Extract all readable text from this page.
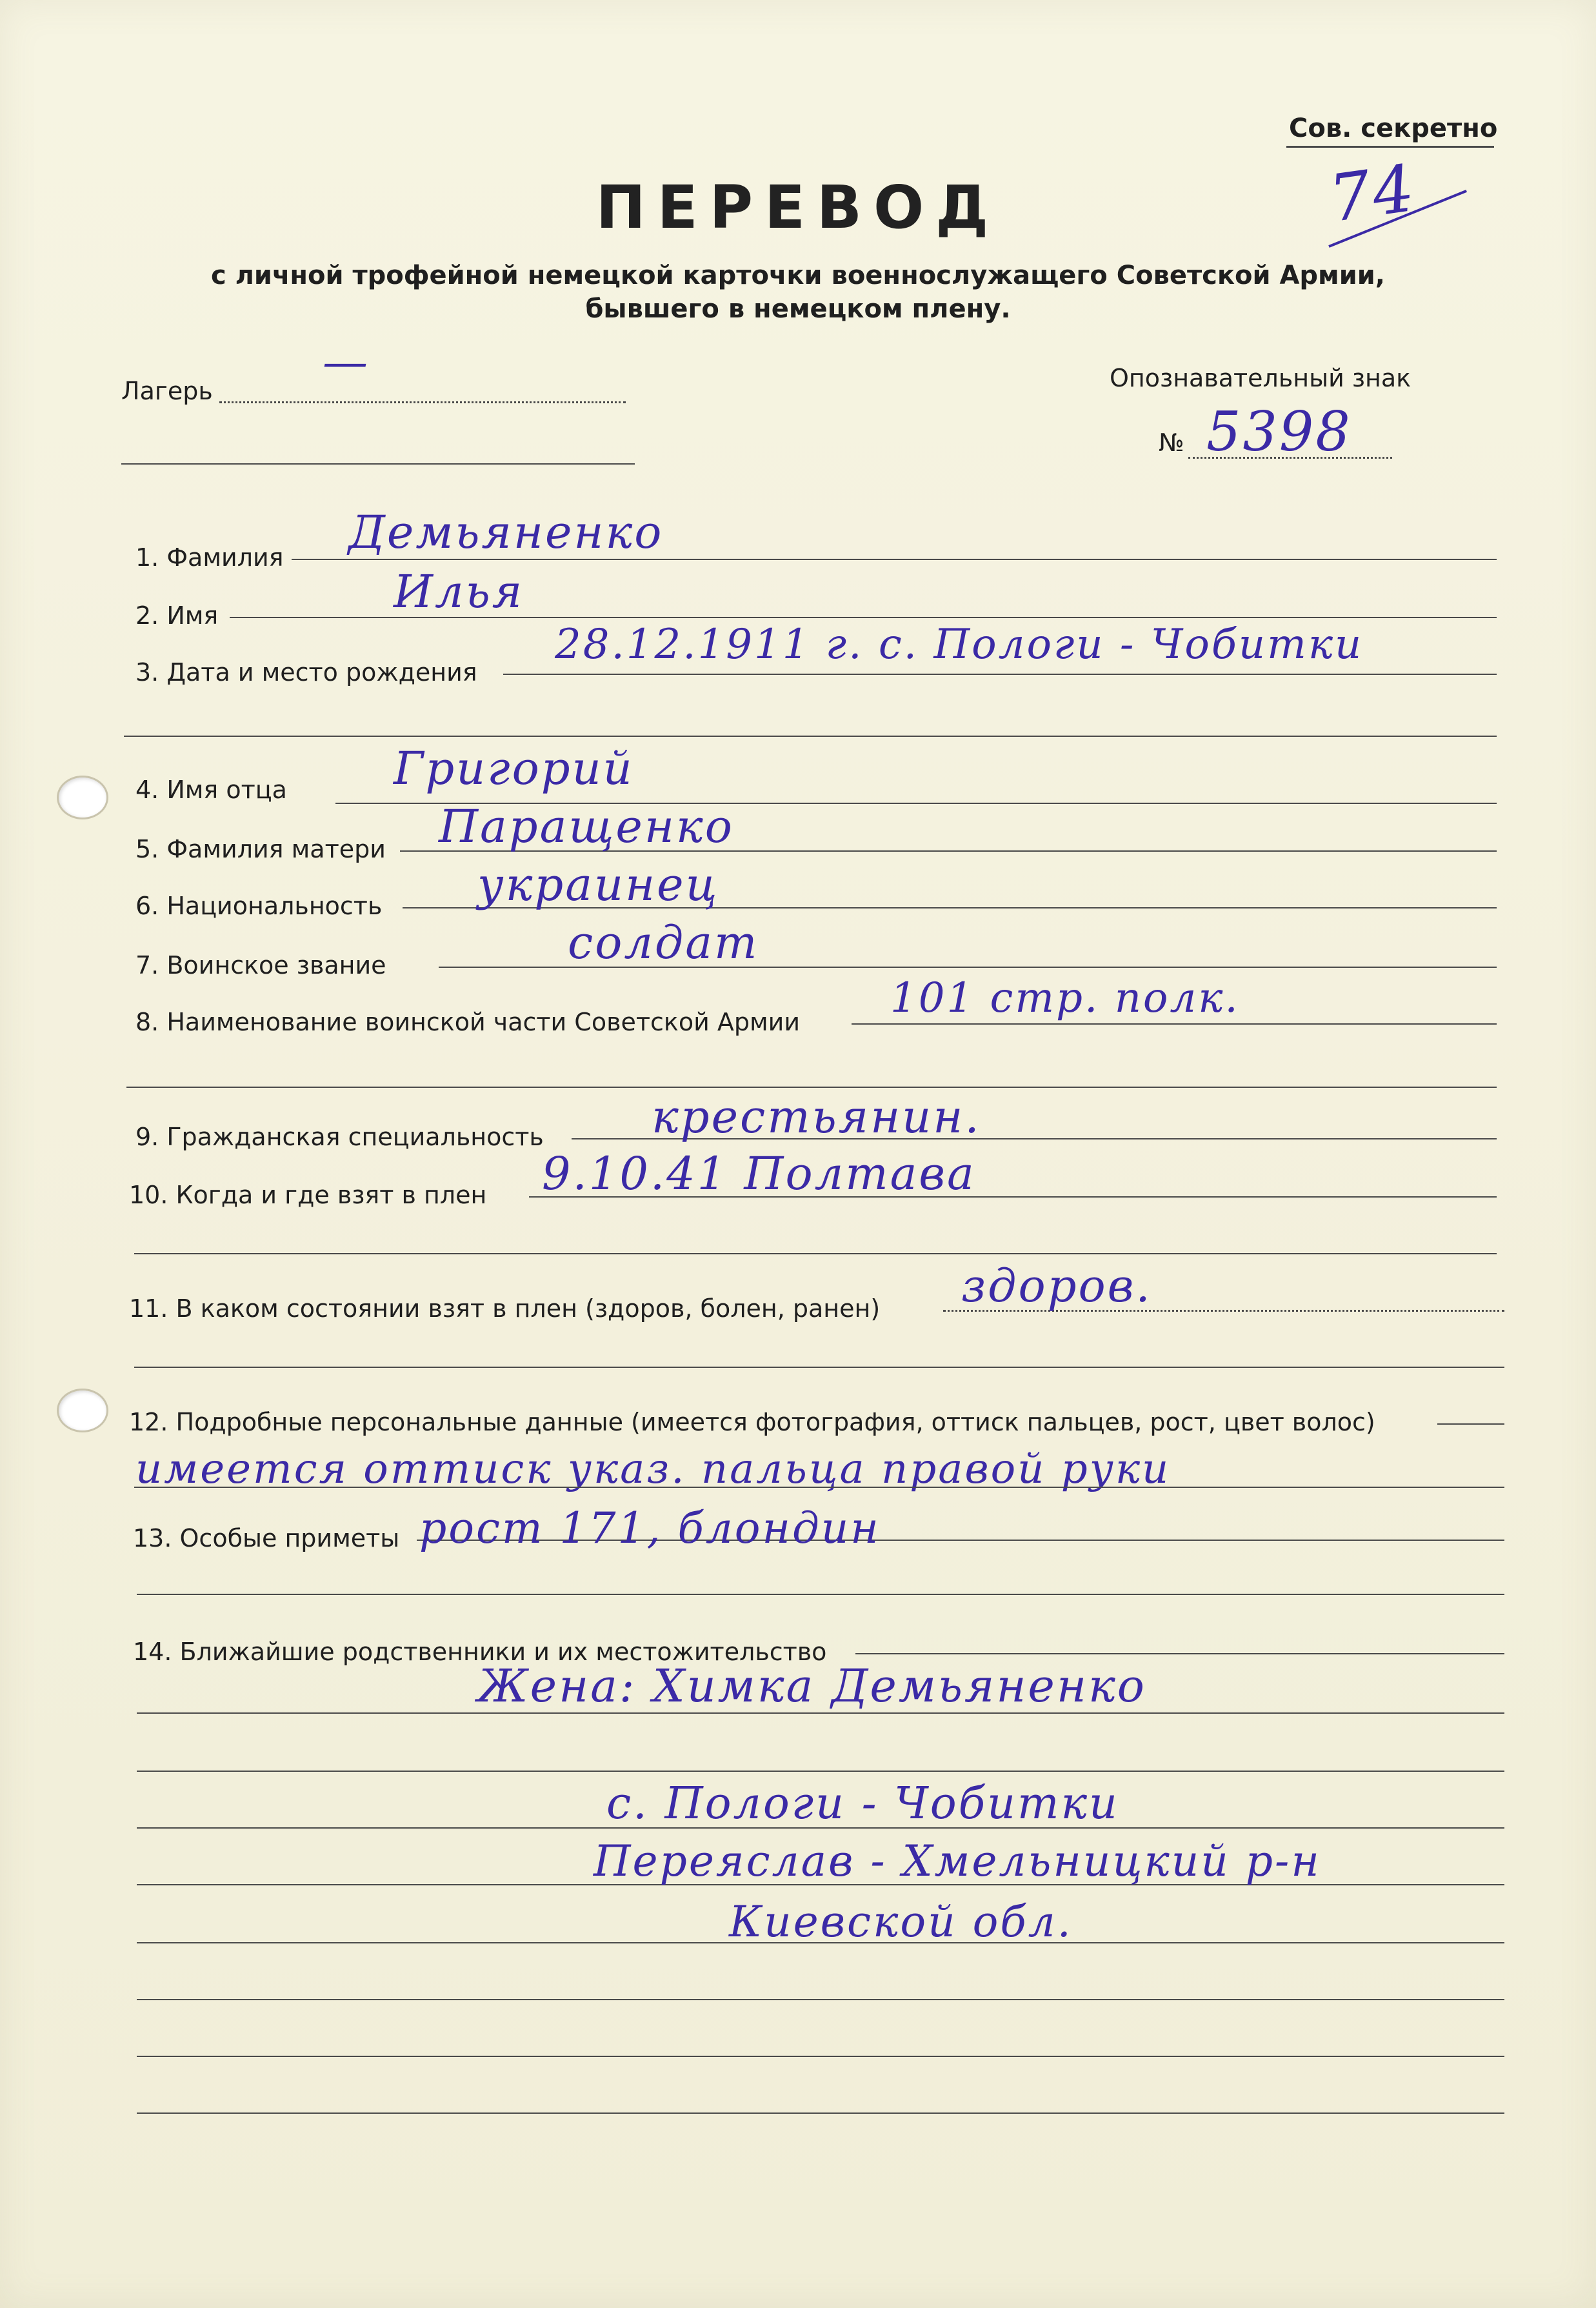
Сов. секретно
74
ПЕРЕВОД
с личной трофейной немецкой карточки военнослужащего Советской Армии,
бывшего в немецком плену.
Лагерь
—	Опознавательный знак
№ 5398
1. Фамилия Демьяненко
2. Имя	Илья
3. Дата и место рождения
28.12.1911 г. с. Пологи - Чобитки
4. Имя отца Григорий
5. Фамилия матери Паращенко
6. Национальность украинец
7. Воинское звание	солдат
8. Наименование воинской части Советской Армии 101 стр. полк.
9. Гражданская специальность крестьянин.
10. Когда и где взят в плен 9.10.41 Полтава
11. В каком состоянии взят в плен (здоров, болен, ранен) здоров.
12. Подробные персональные данные (имеется фотография, оттиск пальцев, рост, цвет волос)
имеется оттиск указ. пальца правой руки
13. Особые приметы рост 171, блондин
14. Ближайшие родственники и их местожительство
Жена: Химка Демьяненко
с. Пологи - Чобитки
Переяслав - Хмельницкий р-н
Киевской обл.
